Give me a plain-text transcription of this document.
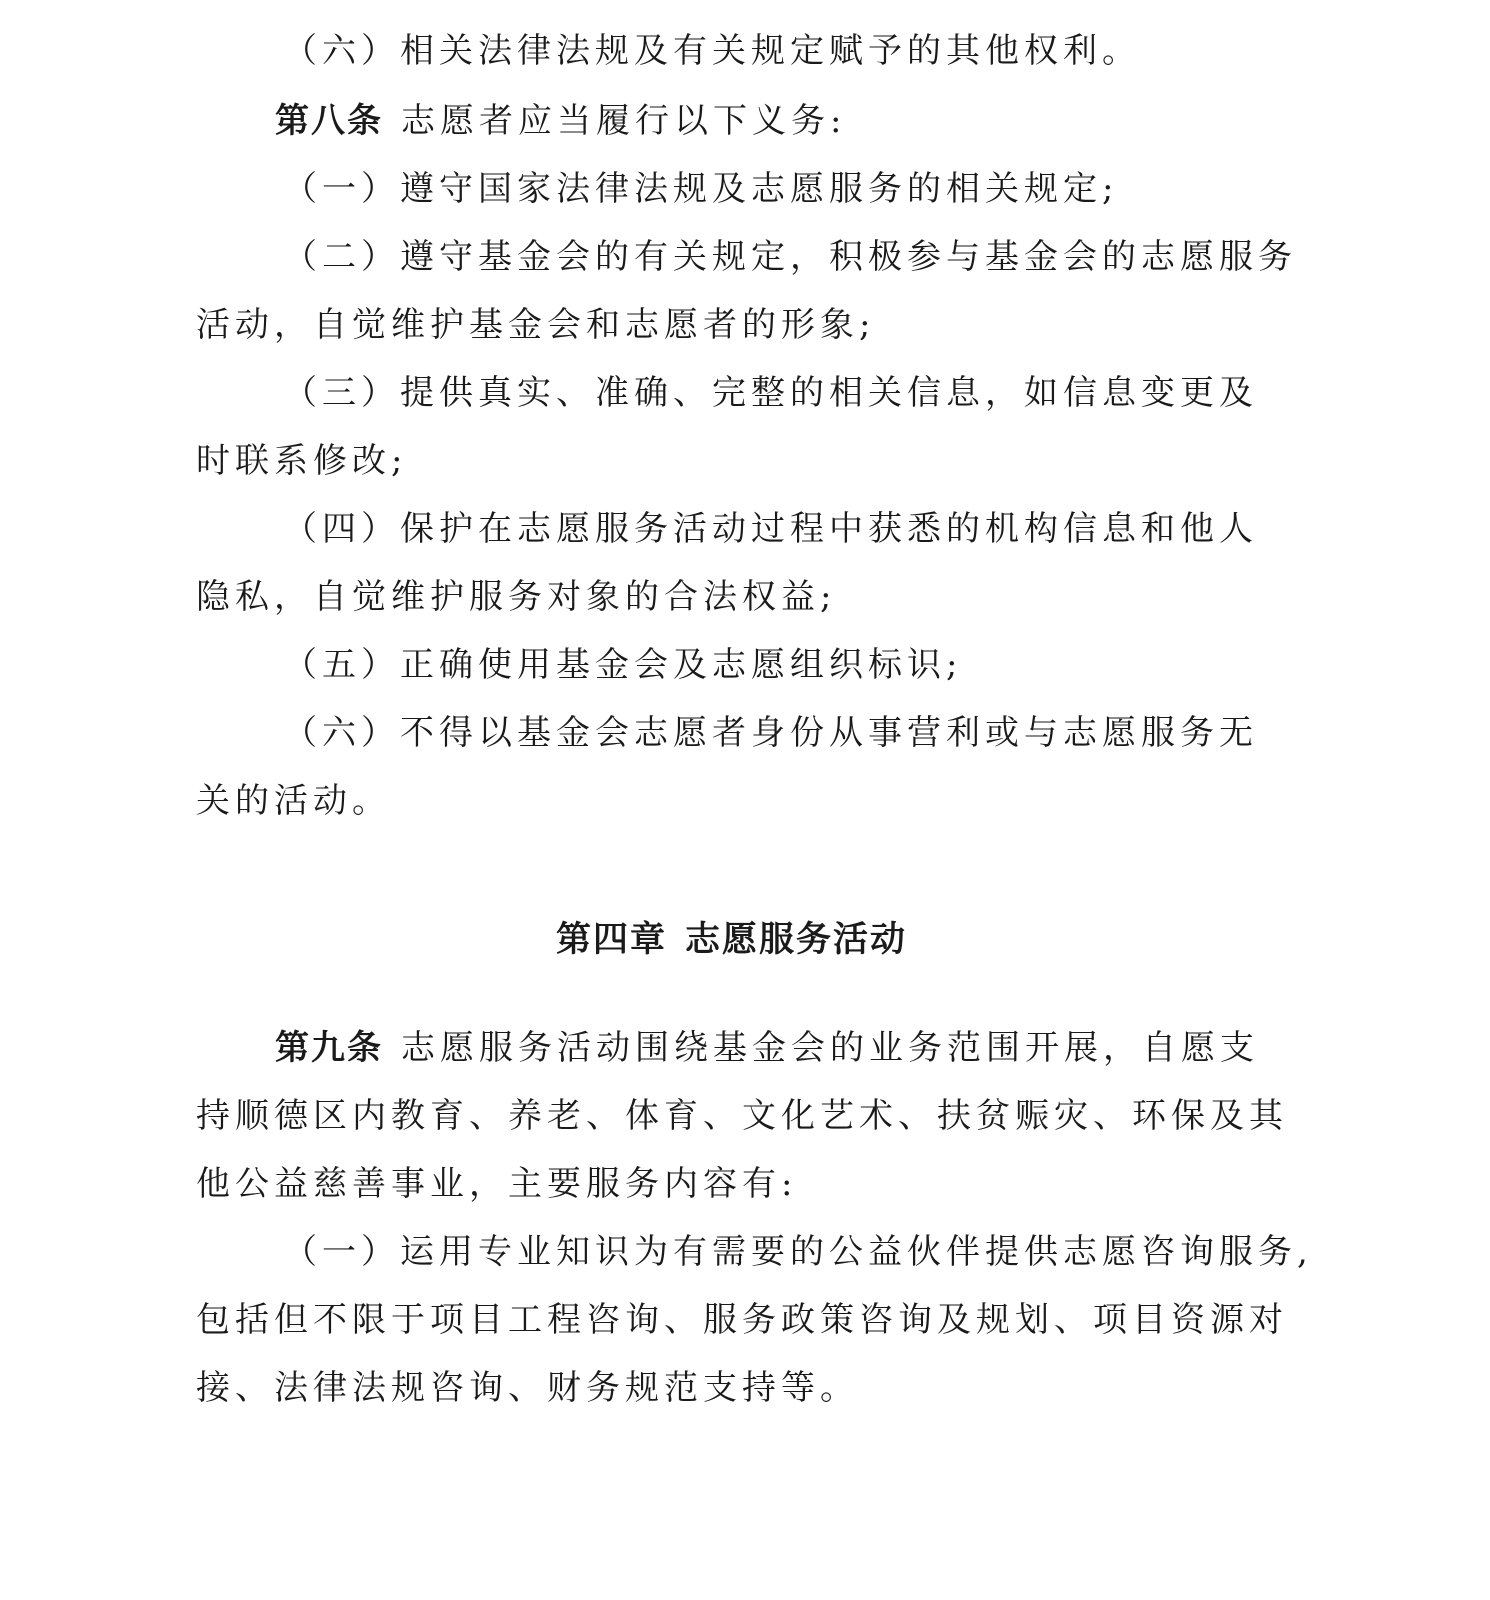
（六）相关法律法规及有关规定赋予的其他权利。

第八条 志愿者应当履行以下义务:

（一）遵守国家法律法规及志愿服务的相关规定;

（二）遵守基金会的有关规定，积极参与基金会的志愿服务

活动，自觉维护基金会和志愿者的形象;

（三）提供真实、准确、完整的相关信息，如信息变更及

时联系修改;

（四）保护在志愿服务活动过程中获悉的机构信息和他人

隐私，自觉维护服务对象的合法权益;

（五）正确使用基金会及志愿组织标识;

（六）不得以基金会志愿者身份从事营利或与志愿服务无

关的活动。

第四章 志愿服务活动

第九条 志愿服务活动围绕基金会的业务范围开展，自愿支

持顺德区内教育、养老、体育、文化艺术、扶贫赈灾、环保及其

他公益慈善事业，主要服务内容有:

（一）运用专业知识为有需要的公益伙伴提供志愿咨询服务,

包括但不限于项目工程咨询、服务政策咨询及规划、项目资源对

接、法律法规咨询、财务规范支持等。
